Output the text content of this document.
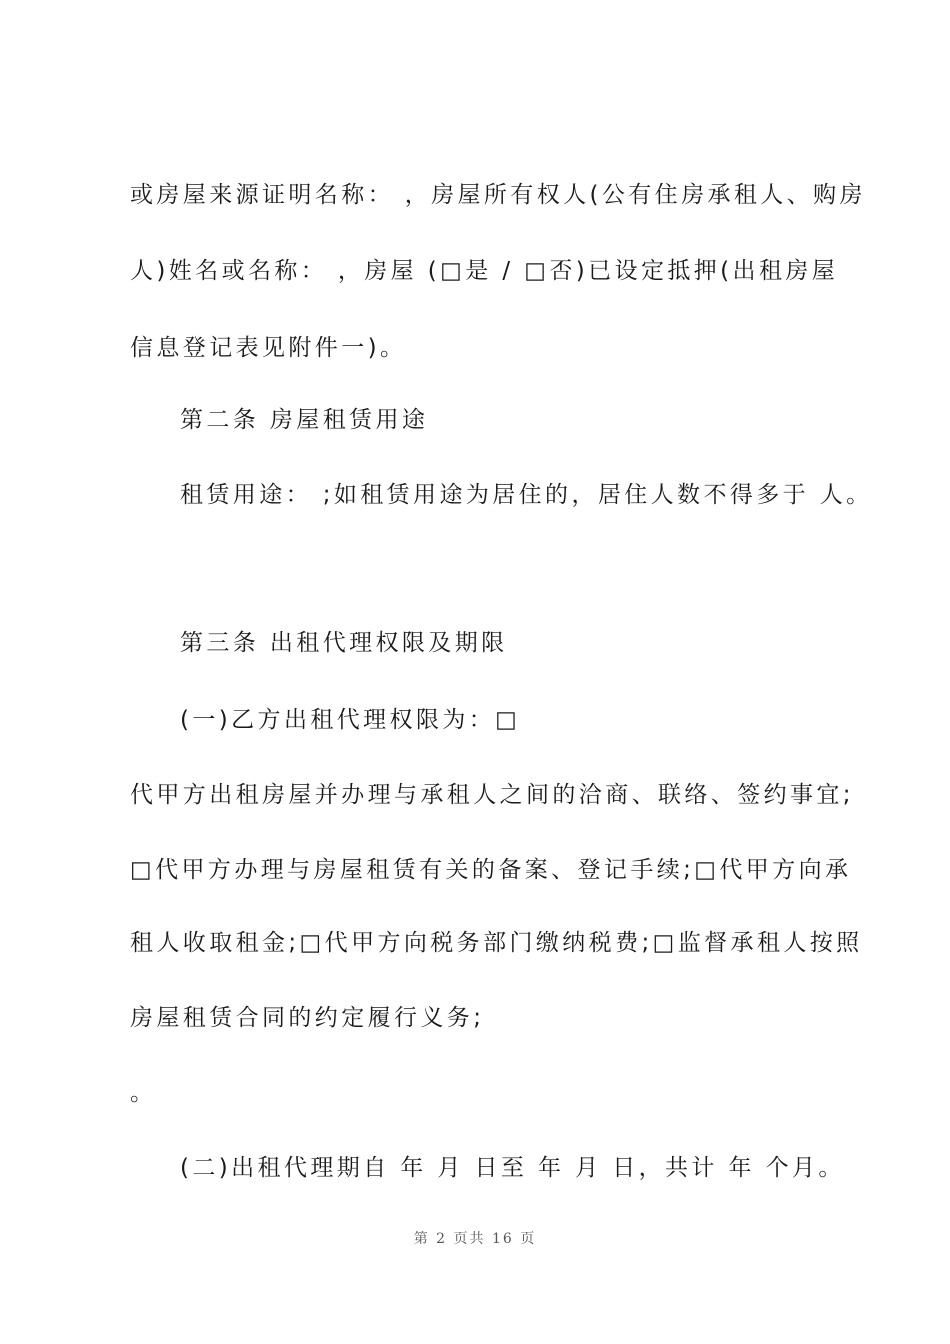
或房屋来源证明名称： ，房屋所有权人(公有住房承租人、购房
人)姓名或名称： ，房屋 (□是 / □否)已设定抵押(出租房屋
信息登记表见附件一)。
第二条 房屋租赁用途
租赁用途： ;如租赁用途为居住的，居住人数不得多于 人。
第三条 出租代理权限及期限
(一)乙方出租代理权限为：□
代甲方出租房屋并办理与承租人之间的洽商、联络、签约事宜;
□代甲方办理与房屋租赁有关的备案、登记手续;□代甲方向承
租人收取租金;□代甲方向税务部门缴纳税费;□监督承租人按照
房屋租赁合同的约定履行义务;
。
(二)出租代理期自 年 月 日至 年 月 日，共计 年 个月。
第 2 页共 16 页
